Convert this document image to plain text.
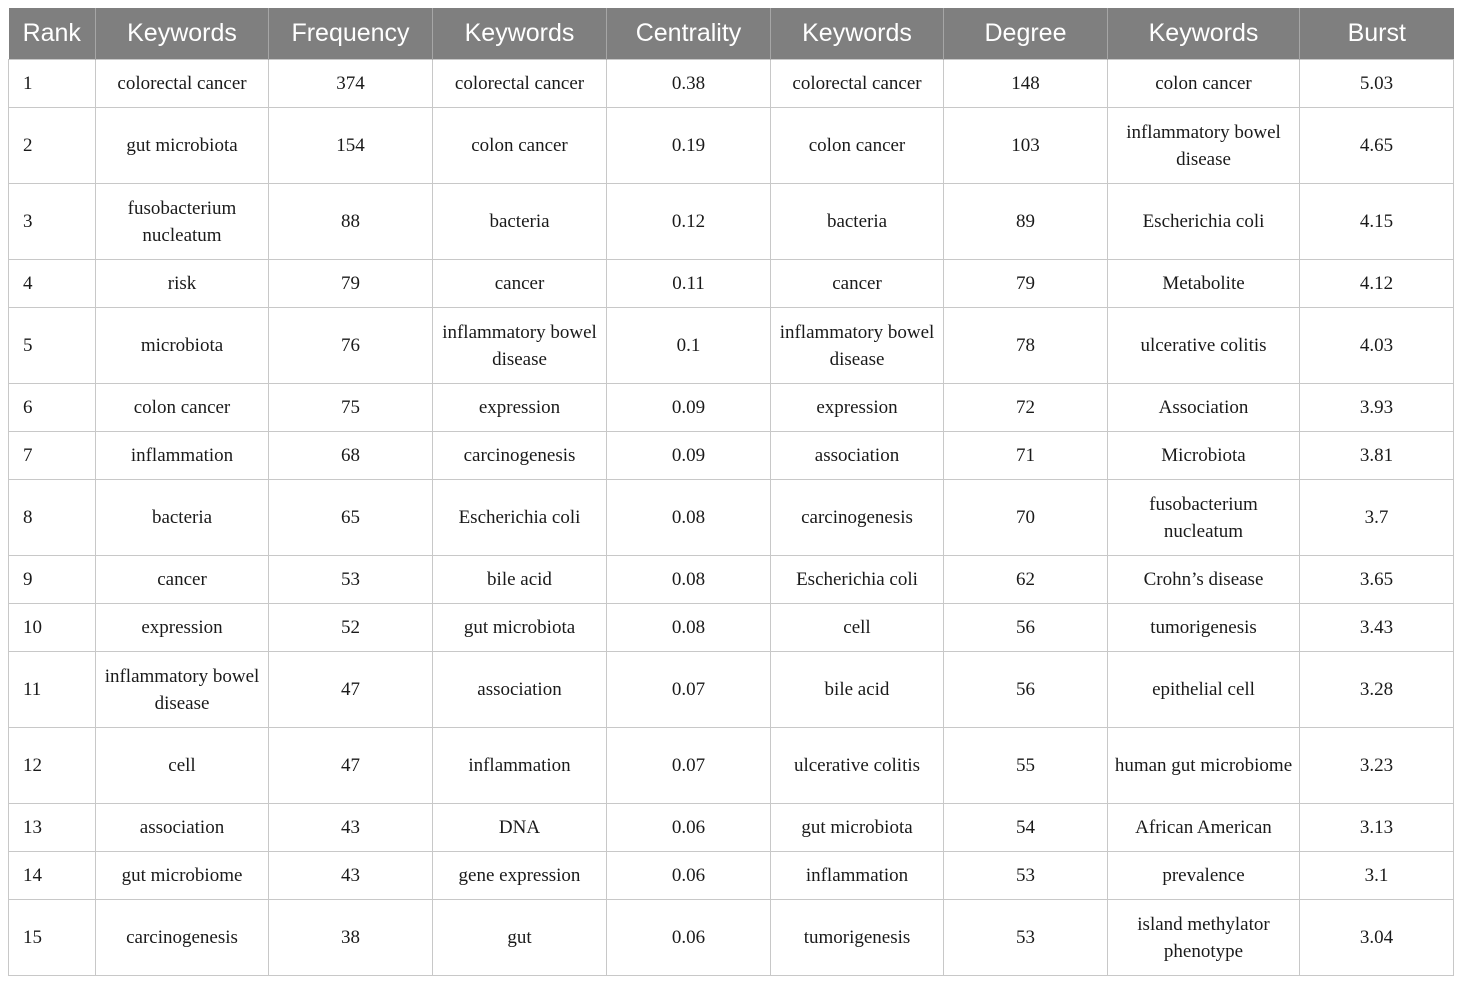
Rank	Keywords	Frequency	Keywords	Centrality	Keywords	Degree	Keywords	Burst
1	colorectal cancer	374	colorectal cancer	0.38	colorectal cancer	148	colon cancer	5.03
2	gut microbiota	154	colon cancer	0.19	colon cancer	103	inflammatory bowel disease	4.65
3	fusobacterium nucleatum	88	bacteria	0.12	bacteria	89	Escherichia coli	4.15
4	risk	79	cancer	0.11	cancer	79	Metabolite	4.12
5	microbiota	76	inflammatory bowel disease	0.1	inflammatory bowel disease	78	ulcerative colitis	4.03
6	colon cancer	75	expression	0.09	expression	72	Association	3.93
7	inflammation	68	carcinogenesis	0.09	association	71	Microbiota	3.81
8	bacteria	65	Escherichia coli	0.08	carcinogenesis	70	fusobacterium nucleatum	3.7
9	cancer	53	bile acid	0.08	Escherichia coli	62	Crohn’s disease	3.65
10	expression	52	gut microbiota	0.08	cell	56	tumorigenesis	3.43
11	inflammatory bowel disease	47	association	0.07	bile acid	56	epithelial cell	3.28
12	cell	47	inflammation	0.07	ulcerative colitis	55	human gut microbiome	3.23
13	association	43	DNA	0.06	gut microbiota	54	African American	3.13
14	gut microbiome	43	gene expression	0.06	inflammation	53	prevalence	3.1
15	carcinogenesis	38	gut	0.06	tumorigenesis	53	island methylator phenotype	3.04
